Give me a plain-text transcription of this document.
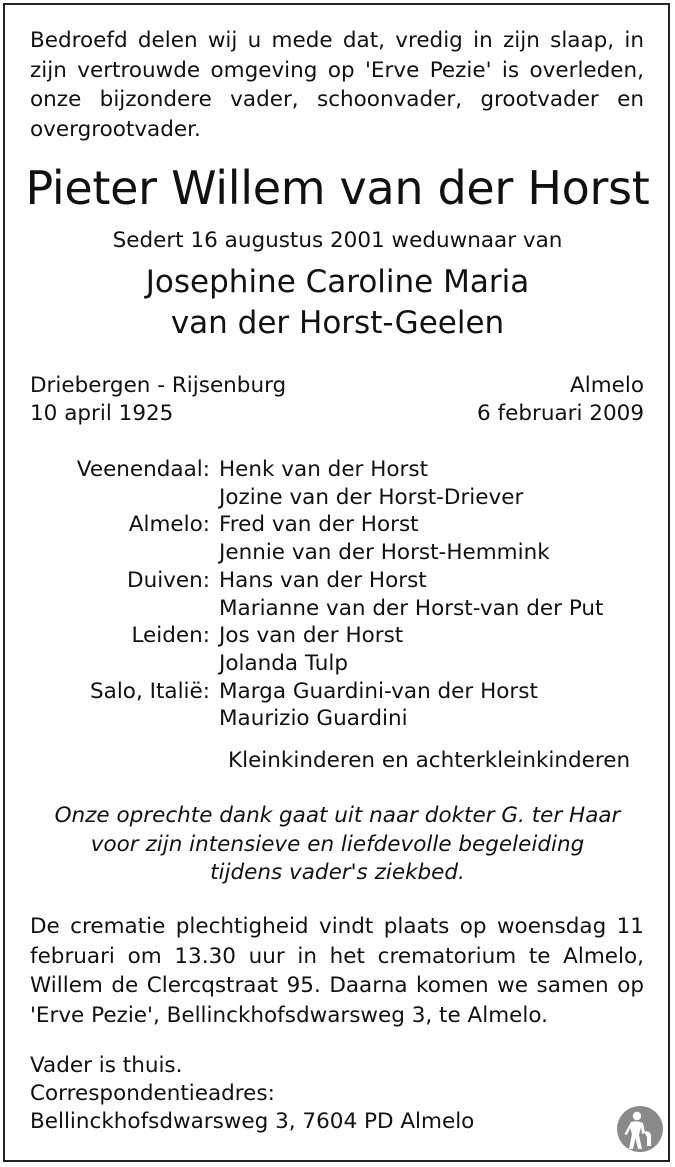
Bedroefd delen wij u mede dat, vredig in zijn slaap, in zijn vertrouwde omgeving op 'Erve Pezie' is overleden, onze bijzondere vader, schoonvader, grootvader en overgrootvader.
Pieter Willem van der Horst
Sedert 16 augustus 2001 weduwnaar van
Josephine Caroline Maria
van der Horst-Geelen
Driebergen - Rijsenburg
10 april 1925
Almelo
6 februari 2009
Veenendaal: Henk van der Horst
Jozine van der Horst-Driever
Almelo: Fred van der Horst
Jennie van der Horst-Hemmink
Duiven: Hans van der Horst
Marianne van der Horst-van der Put
Leiden: Jos van der Horst
Jolanda Tulp
Salo, Italië: Marga Guardini-van der Horst
Maurizio Guardini
Kleinkinderen en achterkleinkinderen
Onze oprechte dank gaat uit naar dokter G. ter Haar
voor zijn intensieve en liefdevolle begeleiding
tijdens vader's ziekbed.
De crematie plechtigheid vindt plaats op woensdag 11 februari om 13.30 uur in het crematorium te Almelo, Willem de Clercqstraat 95. Daarna komen we samen op 'Erve Pezie', Bellinckhofsdwarsweg 3, te Almelo.
Vader is thuis.
Correspondentieadres:
Bellinckhofsdwarsweg 3, 7604 PD Almelo
